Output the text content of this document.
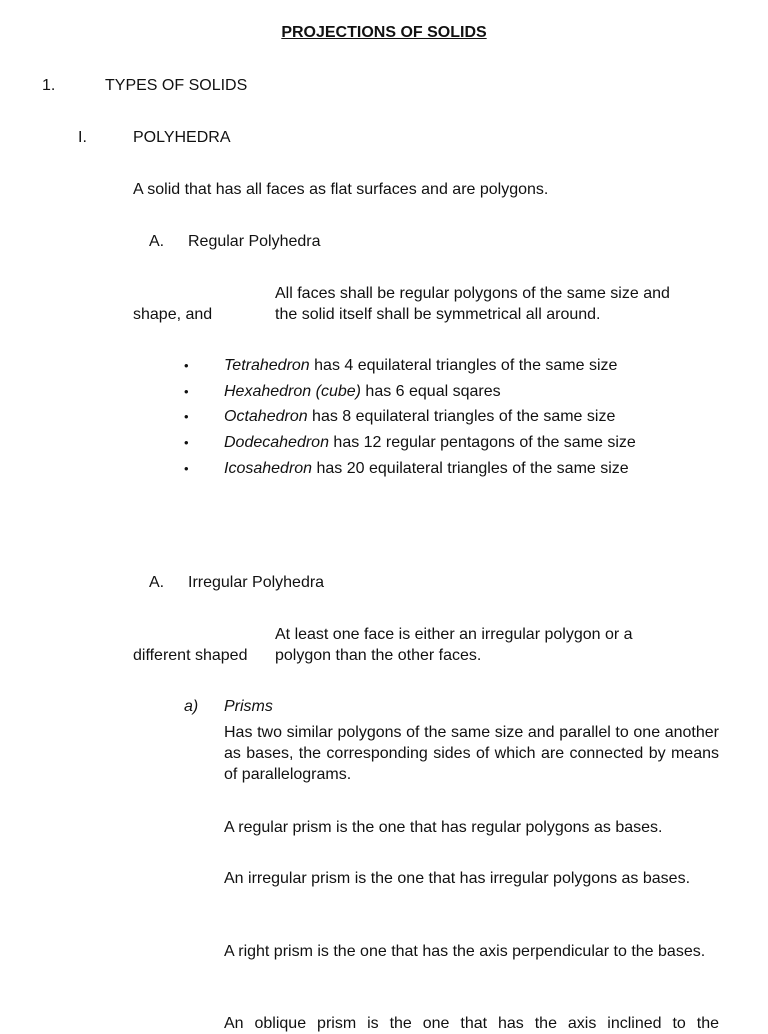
PROJECTIONS OF SOLIDS
1.	TYPES OF SOLIDS
I.	POLYHEDRA
A solid that has all faces as flat surfaces and are polygons.
A. Regular Polyhedra
All faces shall be regular polygons of the same size and
shape, and	the solid itself shall be symmetrical all around.
• Tetrahedron has 4 equilateral triangles of the same size
• Hexahedron (cube) has 6 equal sqares
• Octahedron has 8 equilateral triangles of the same size
• Dodecahedron has 12 regular pentagons of the same size
• Icosahedron has 20 equilateral triangles of the same size
A. Irregular Polyhedra
At least one face is either an irregular polygon or a
different shaped polygon than the other faces.
a) Prisms
Has two similar polygons of the same size and parallel to one another as bases, the corresponding sides of which are connected by means of parallelograms.
A regular prism is the one that has regular polygons as bases.
An irregular prism is the one that has irregular polygons as bases.
A right prism is the one that has the axis perpendicular to the bases.
An oblique prism is the one that has the axis inclined to the
